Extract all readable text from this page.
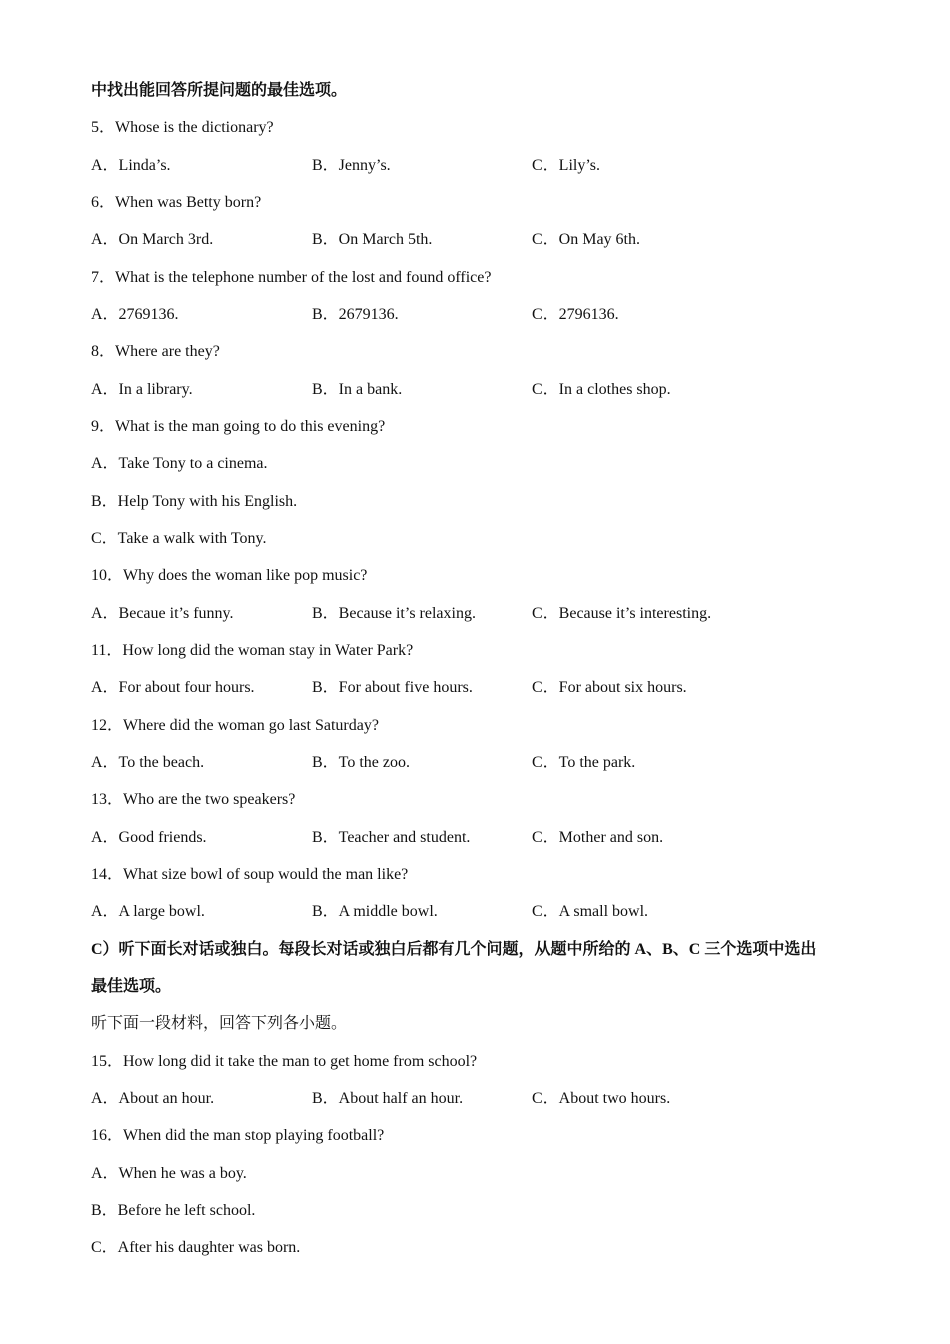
中找出能回答所提问题的最佳选项。
5．Whose is the dictionary?
A．Linda’s.	B．Jenny’s.	C．Lily’s.
6．When was Betty born?
A．On March 3rd.	B．On March 5th.	C．On May 6th.
7．What is the telephone number of the lost and found office?
A．2769136.	B．2679136.	C．2796136.
8．Where are they?
A．In a library.	B．In a bank.	C．In a clothes shop.
9．What is the man going to do this evening?
A．Take Tony to a cinema.
B．Help Tony with his English.
C．Take a walk with Tony.
10．Why does the woman like pop music?
A．Becaue it’s funny.	B．Because it’s relaxing.	C．Because it’s interesting.
11．How long did the woman stay in Water Park?
A．For about four hours.	B．For about five hours.	C．For about six hours.
12．Where did the woman go last Saturday?
A．To the beach.	B．To the zoo.	C．To the park.
13．Who are the two speakers?
A．Good friends.	B．Teacher and student.	C．Mother and son.
14．What size bowl of soup would the man like?
A．A large bowl.	B．A middle bowl.	C．A small bowl.
C）听下面长对话或独白。每段长对话或独白后都有几个问题，从题中所给的 A、B、C 三个选项中选出
最佳选项。
听下面一段材料，回答下列各小题。
15．How long did it take the man to get home from school?
A．About an hour.	B．About half an hour.	C．About two hours.
16．When did the man stop playing football?
A．When he was a boy.
B．Before he left school.
C．After his daughter was born.
